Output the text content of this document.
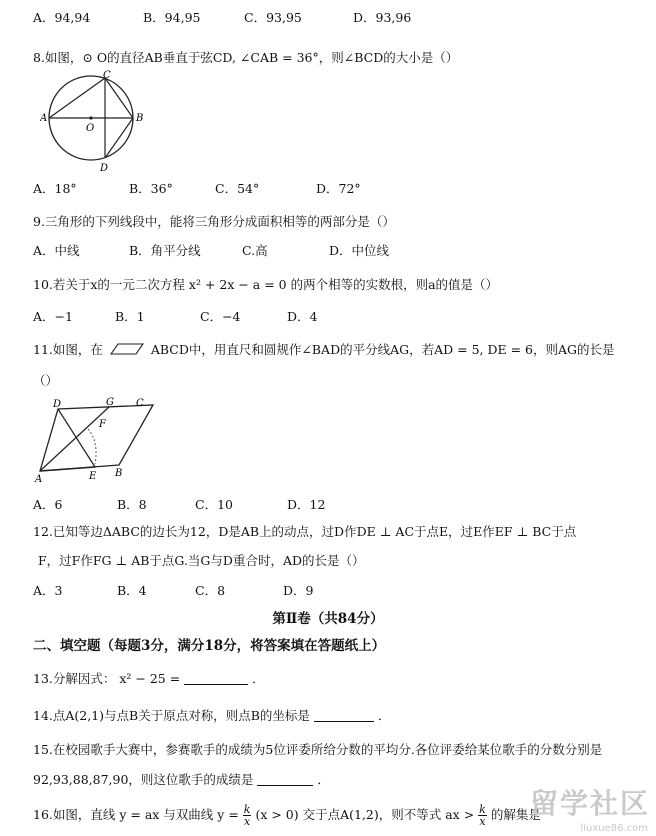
A．94,94	B．94,95	C．93,95	D．93,96
8.如图，⊙ O的直径AB垂直于弦CD, ∠CAB = 36°，则∠BCD的大小是（）
A	B
C
D
O
A．18°	B．36°	C．54°	D．72°
9.三角形的下列线段中，能将三角形分成面积相等的两部分是（）
A．中线	B．角平分线	C.高	D．中位线
10.若关于x的一元二次方程 x² + 2x − a = 0 的两个相等的实数根，则a的值是（）
A．−1	B．1	C．−4	D．4
11.如图，在	ABCD中，用直尺和圆规作∠BAD的平分线AG，若AD = 5, DE = 6，则AG的长是
（）
D	G C
F
A	E B
A．6	B．8	C．10	D．12
12.已知等边ΔABC的边长为12，D是AB上的动点，过D作DE ⊥ AC于点E，过E作EF ⊥ BC于点
F，过F作FG ⊥ AB于点G.当G与D重合时，AD的长是（）
A．3	B．4	C．8	D．9
第Ⅱ卷（共84分）
二、填空题（每题3分，满分18分，将答案填在答题纸上）
13.分解因式： x² − 25 =	．
14.点A(2,1)与点B关于原点对称，则点B的坐标是	．
15.在校园歌手大赛中，参赛歌手的成绩为5位评委所给分数的平均分.各位评委给某位歌手的分数分别是
92,93,88,87,90，则这位歌手的成绩是	．
16.如图，直线 y = ax 与双曲线 $y = \frac{k}{x} (x > 0)$ 交于点A(1,2)，则不等式 ax > $\frac{k}{x}$ 的解集是
留学社区
liuxue86.com
